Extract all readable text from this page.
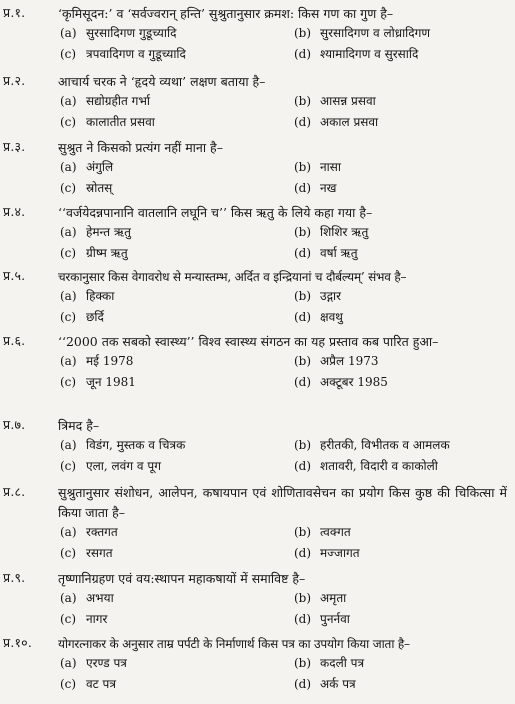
प्र.१.	‘कृमिसूदन:’ व ‘सर्वज्वरान् हन्ति’ सुश्रुतानुसार क्रमश: किस गण का गुण है–
(a) सुरसादिगण गुडूच्यादि	(b) सुरसादिगण व लोध्रादिगण
(c) त्रपवादिगण व गुडूच्यादि	(d) श्यामादिगण व सुरसादि
प्र.२.	आचार्य चरक ने ‘हृदये व्यथा’ लक्षण बताया है–
(a) सद्योग्रहीत गर्भा	(b) आसन्न प्रसवा
(c) कालातीत प्रसवा	(d) अकाल प्रसवा
प्र.३.	सुश्रुत ने किसको प्रत्यंग नहीं माना है–
(a) अंगुलि	(b) नासा
(c) स्रोतस्	(d) नख
प्र.४.	‘‘वर्जयेदन्नपानानि वातलानि लघूनि च’’ किस ऋतु के लिये कहा गया है–
(a) हेमन्त ऋतु	(b) शिशिर ऋतु
(c) ग्रीष्म ऋतु	(d) वर्षा ऋतु
प्र.५.	चरकानुसार किस वेगावरोध से मन्यास्तम्भ, अर्दित व इन्द्रियानां च दौर्बल्यम्’ संभव है–
(a) हिक्का	(b) उद्गार
(c) छर्दि	(d) क्षवथु
प्र.६.	‘‘2000 तक सबको स्वास्थ्य’’ विश्व स्वास्थ्य संगठन का यह प्रस्ताव कब पारित हुआ–
(a) मई 1978	(b) अप्रैल 1973
(c) जून 1981	(d) अक्टूबर 1985
प्र.७.	त्रिमद है–
(a) विडंग, मुस्तक व चित्रक	(b) हरीतकी, विभीतक व आमलक
(c) एला, लवंग व पूग	(d) शतावरी, विदारी व काकोली
प्र.८.	सुश्रुतानुसार संशोधन, आलेपन, कषायपान एवं शोणितावसेचन का प्रयोग किस कुष्ठ की चिकित्सा में किया जाता है–
(a) रक्तगत	(b) त्वक्गत
(c) रसगत	(d) मज्जागत
प्र.९.	तृष्णानिग्रहण एवं वय:स्थापन महाकषायों में समाविष्ट है–
(a) अभया	(b) अमृता
(c) नागर	(d) पुनर्नवा
प्र.१०.	योगरत्नाकर के अनुसार ताम्र पर्पटी के निर्माणार्थ किस पत्र का उपयोग किया जाता है–
(a) एरण्ड पत्र	(b) कदली पत्र
(c) वट पत्र	(d) अर्क पत्र
